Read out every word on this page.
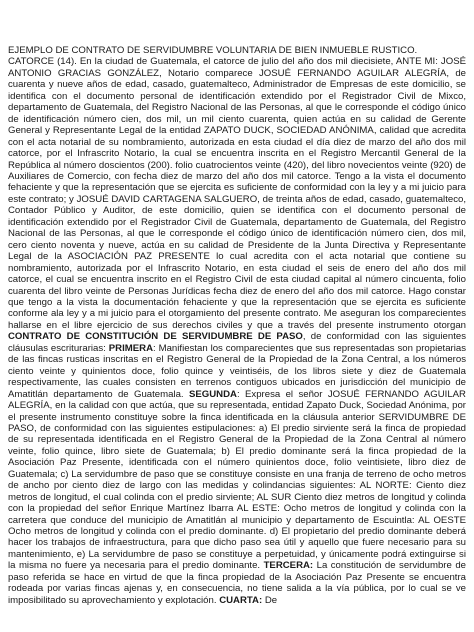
EJEMPLO DE CONTRATO DE SERVIDUMBRE VOLUNTARIA DE BIEN INMUEBLE RUSTICO.
CATORCE (14). En la ciudad de Guatemala, el catorce de julio del año dos mil diecisiete, ANTE MI: JOSÉ ANTONIO GRACIAS GONZÁLEZ, Notario comparece JOSUÉ FERNANDO AGUILAR ALEGRÍA, de cuarenta y nueve años de edad, casado, guatemalteco, Administrador de Empresas de este domicilio, se identifica con el documento personal de identificación extendido por el Registrador Civil de Mixco, departamento de Guatemala, del Registro Nacional de las Personas, al que le corresponde el código único de identificación número cien, dos mil, un mil ciento cuarenta, quien actúa en su calidad de Gerente General y Representante Legal de la entidad ZAPATO DUCK, SOCIEDAD ANÓNIMA, calidad que acredita con el acta notarial de su nombramiento, autorizada en esta ciudad el día diez de marzo del año dos mil catorce, por el Infrascrito Notario, la cual se encuentra inscrita en el Registro Mercantil General de la República al número doscientos (200). folio cuatrocientos veinte (420), del libro novecientos veinte (920) de Auxiliares de Comercio, con fecha diez de marzo del año dos mil catorce. Tengo a la vista el documento fehaciente y que la representación que se ejercita es suficiente de conformidad con la ley y a mi juicio para este contrato; y JOSUÉ DAVID CARTAGENA SALGUERO, de treinta años de edad, casado, guatemalteco, Contador Público y Auditor, de este domicilio, quien se identifica con el documento personal de identificación extendido por el Registrador Civil de Guatemala, departamento de Guatemala, del Registro Nacional de las Personas, al que le corresponde el código único de identificación número cien, dos mil, cero ciento noventa y nueve, actúa en su calidad de Presidente de la Junta Directiva y Representante Legal de la ASOCIACIÓN PAZ PRESENTE lo cual acredita con el acta notarial que contiene su nombramiento, autorizada por el Infrascrito Notario, en esta ciudad el seis de enero del año dos mil catorce, el cual se encuentra inscrito en el Registro Civil de esta ciudad capital al número cincuenta, folio cuarenta del libro veinte de Personas Jurídicas fecha diez de enero del año dos mil catorce. Hago constar que tengo a la vista la documentación fehaciente y que la representación que se ejercita es suficiente conforme ala ley y a mi juicio para el otorgamiento del presente contrato. Me aseguran los comparecientes hallarse en el libre ejercicio de sus derechos civiles y que a través del presente instrumento otorgan CONTRATO DE CONSTITUCIÓN DE SERVIDUMBRE DE PASO, de conformidad con las siguientes cláusulas escriturarias: PRIMERA: Manifiestan los comparecientes que sus representadas son propietarias de las fincas rusticas inscritas en el Registro General de la Propiedad de la Zona Central, a los números ciento veinte y quinientos doce, folio quince y veintiséis, de los libros siete y diez de Guatemala respectivamente, las cuales consisten en terrenos contiguos ubicados en jurisdicción del municipio de Amatitlán departamento de Guatemala. SEGUNDA: Expresa el señor JOSUÉ FERNANDO AGUILAR ALEGRÍA, en la calidad con que actúa, que su representada, entidad Zapato Duck, Sociedad Anónima, por el presente instrumento constituye sobre la finca identificada en la cláusula anterior SERVIDUMBRE DE PASO, de conformidad con las siguientes estipulaciones: a) El predio sirviente será la finca de propiedad de su representada identificada en el Registro General de la Propiedad de la Zona Central al número veinte, folio quince, libro siete de Guatemala; b) El predio dominante será la finca propiedad de la Asociación Paz Presente, identificada con el número quinientos doce, folio veintisiete, libro diez de Guatemala; c) La servidumbre de paso que se constituye consiste en una franja de terreno de ocho metros de ancho por ciento diez de largo con las medidas y colindancias siguientes: AL NORTE: Ciento diez metros de longitud, el cual colinda con el predio sirviente; AL SUR Ciento diez metros de longitud y colinda con la propiedad del señor Enrique Martínez Ibarra AL ESTE: Ocho metros de longitud y colinda con la carretera que conduce del municipio de Amatitlán al municipio y departamento de Escuintla: AL OESTE Ocho metros de longitud y colinda con el predio dominante. d) El propietario del predio dominante deberá hacer los trabajos de infraestructura, para que dicho paso sea útil y aquello que fuere necesario para su mantenimiento, e) La servidumbre de paso se constituye a perpetuidad, y únicamente podrá extinguirse si la misma no fuere ya necesaria para el predio dominante. TERCERA: La constitución de servidumbre de paso referida se hace en virtud de que la finca propiedad de la Asociación Paz Presente se encuentra rodeada por varias fincas ajenas y, en consecuencia, no tiene salida a la vía pública, por lo cual se ve imposibilitado su aprovechamiento y explotación. CUARTA: De
